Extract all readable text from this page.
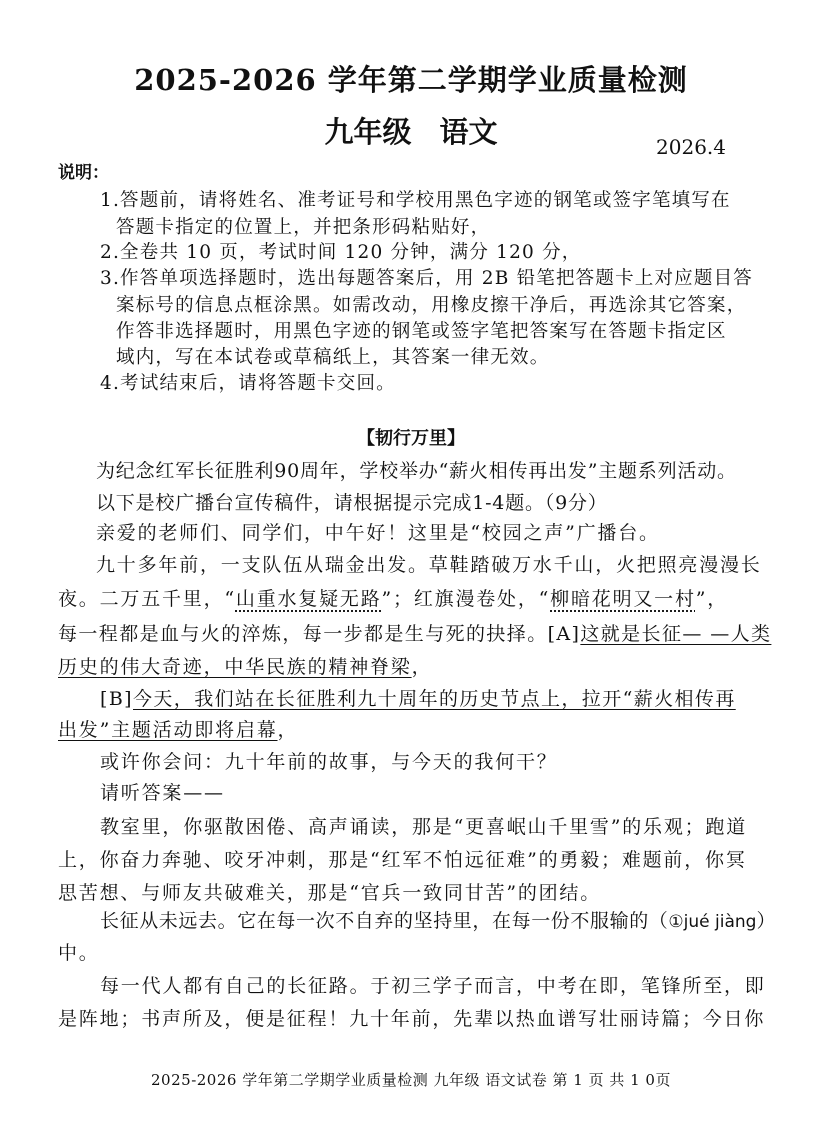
2025-2026 学年第二学期学业质量检测
九年级 语文	2026.4
说明：
1.答题前，请将姓名、准考证号和学校用黑色字迹的钢笔或签字笔填写在
答题卡指定的位置上，并把条形码粘贴好，
2.全卷共 10 页，考试时间 120 分钟，满分 120 分，
3.作答单项选择题时，选出每题答案后，用 2B 铅笔把答题卡上对应题目答
案标号的信息点框涂黑。如需改动，用橡皮擦干净后，再选涂其它答案，
作答非选择题时，用黑色字迹的钢笔或签字笔把答案写在答题卡指定区
域内，写在本试卷或草稿纸上，其答案一律无效。
4.考试结束后，请将答题卡交回。
【韧行万里】
为纪念红军长征胜利90周年，学校举办“薪火相传再出发”主题系列活动。
以下是校广播台宣传稿件，请根据提示完成1-4题。（9分）
亲爱的老师们、同学们，中午好！这里是“校园之声”广播台。
九十多年前，一支队伍从瑞金出发。草鞋踏破万水千山，火把照亮漫漫长
夜。二万五千里，“山重水复疑无路”；红旗漫卷处，“柳暗花明又一村”，
每一程都是血与火的淬炼，每一步都是生与死的抉择。[A]这就是长征— —人类
历史的伟大奇迹，中华民族的精神脊梁，
[B]今天，我们站在长征胜利九十周年的历史节点上，拉开“薪火相传再
出发”主题活动即将启幕，
或许你会问：九十年前的故事，与今天的我何干？
请听答案——
教室里，你驱散困倦、高声诵读，那是“更喜岷山千里雪”的乐观；跑道
上，你奋力奔驰、咬牙冲刺，那是“红军不怕远征难”的勇毅；难题前，你冥
思苦想、与师友共破难关，那是“官兵一致同甘苦”的团结。
长征从未远去。它在每一次不自弃的坚持里，在每一份不服输的（①jué jiàng）
中。
每一代人都有自己的长征路。于初三学子而言，中考在即，笔锋所至，即
是阵地；书声所及，便是征程！九十年前，先辈以热血谱写壮丽诗篇；今日你
2025-2026 学年第二学期学业质量检测 九年级 语文试卷 第 1 页 共 1 0页
